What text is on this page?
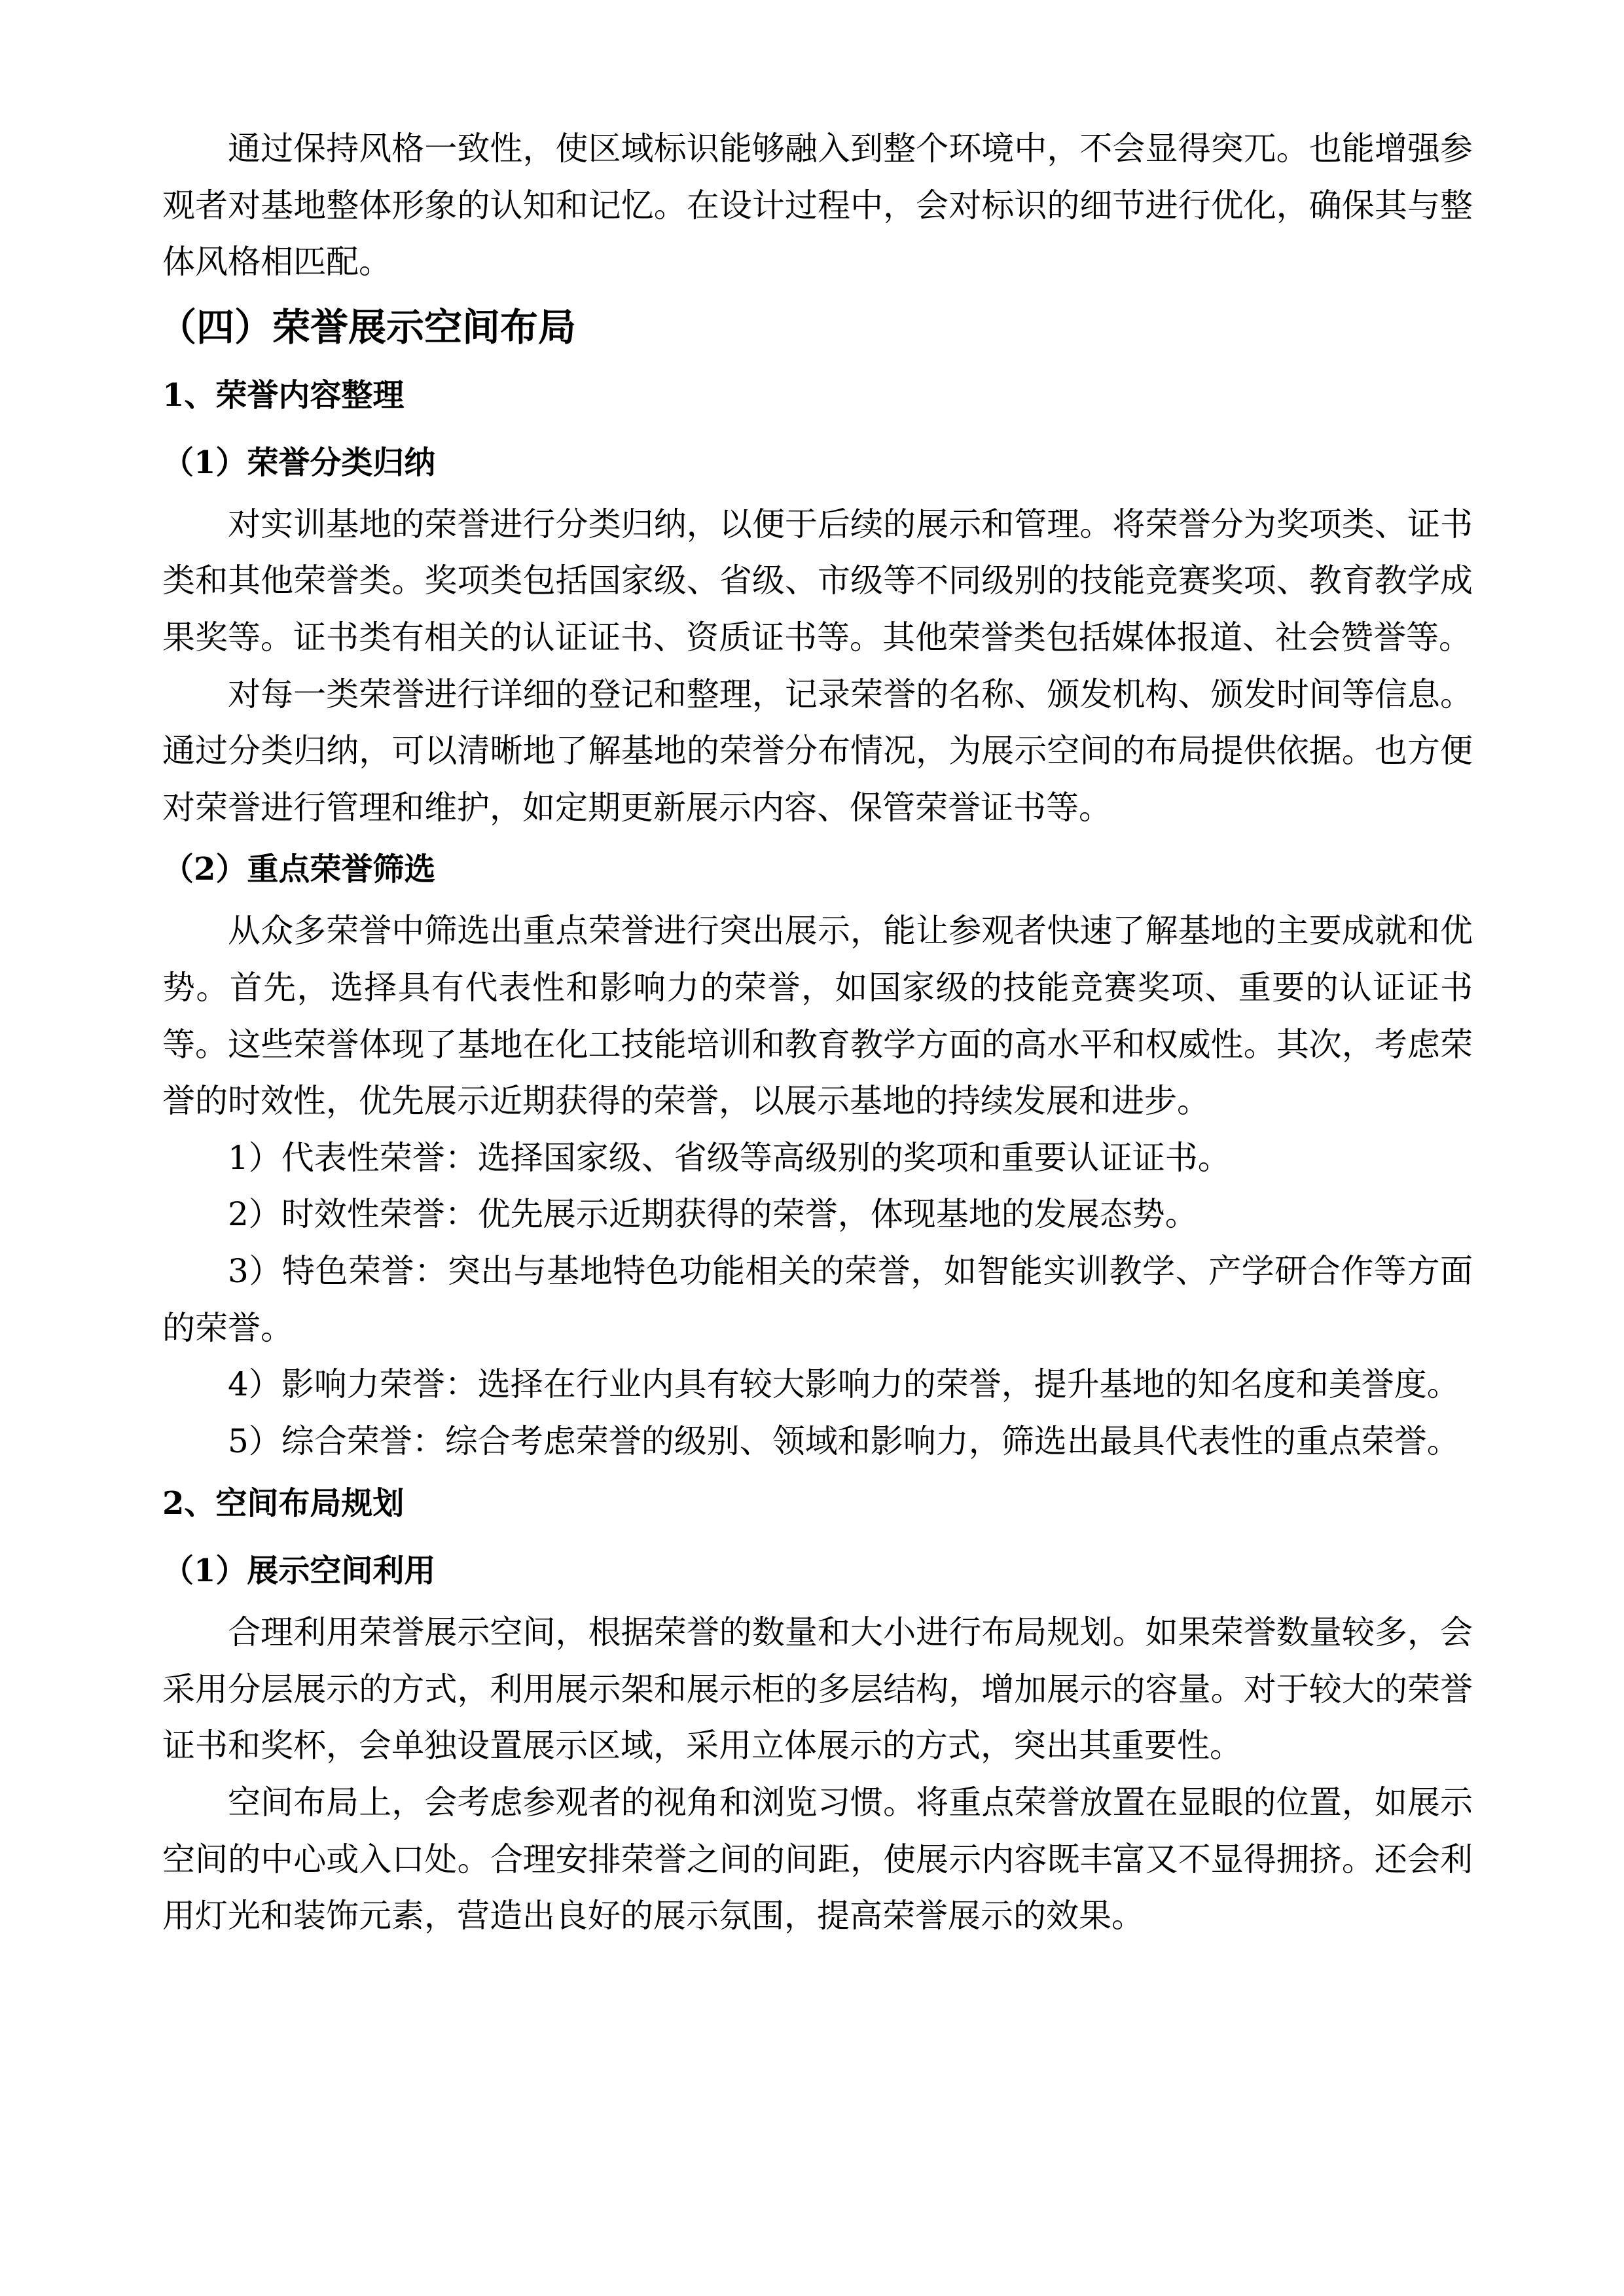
通过保持风格一致性，使区域标识能够融入到整个环境中，不会显得突兀。也能增强参观者对基地整体形象的认知和记忆。在设计过程中，会对标识的细节进行优化，确保其与整体风格相匹配。

（四）荣誉展示空间布局
1、荣誉内容整理
（1）荣誉分类归纳

对实训基地的荣誉进行分类归纳，以便于后续的展示和管理。将荣誉分为奖项类、证书类和其他荣誉类。奖项类包括国家级、省级、市级等不同级别的技能竞赛奖项、教育教学成果奖等。证书类有相关的认证证书、资质证书等。其他荣誉类包括媒体报道、社会赞誉等。

对每一类荣誉进行详细的登记和整理，记录荣誉的名称、颁发机构、颁发时间等信息。通过分类归纳，可以清晰地了解基地的荣誉分布情况，为展示空间的布局提供依据。也方便对荣誉进行管理和维护，如定期更新展示内容、保管荣誉证书等。

（2）重点荣誉筛选

从众多荣誉中筛选出重点荣誉进行突出展示，能让参观者快速了解基地的主要成就和优势。首先，选择具有代表性和影响力的荣誉，如国家级的技能竞赛奖项、重要的认证证书等。这些荣誉体现了基地在化工技能培训和教育教学方面的高水平和权威性。其次，考虑荣誉的时效性，优先展示近期获得的荣誉，以展示基地的持续发展和进步。

1）代表性荣誉：选择国家级、省级等高级别的奖项和重要认证证书。

2）时效性荣誉：优先展示近期获得的荣誉，体现基地的发展态势。

3）特色荣誉：突出与基地特色功能相关的荣誉，如智能实训教学、产学研合作等方面的荣誉。

4）影响力荣誉：选择在行业内具有较大影响力的荣誉，提升基地的知名度和美誉度。

5）综合荣誉：综合考虑荣誉的级别、领域和影响力，筛选出最具代表性的重点荣誉。

2、空间布局规划
（1）展示空间利用

合理利用荣誉展示空间，根据荣誉的数量和大小进行布局规划。如果荣誉数量较多，会采用分层展示的方式，利用展示架和展示柜的多层结构，增加展示的容量。对于较大的荣誉证书和奖杯，会单独设置展示区域，采用立体展示的方式，突出其重要性。

空间布局上，会考虑参观者的视角和浏览习惯。将重点荣誉放置在显眼的位置，如展示空间的中心或入口处。合理安排荣誉之间的间距，使展示内容既丰富又不显得拥挤。还会利用灯光和装饰元素，营造出良好的展示氛围，提高荣誉展示的效果。
